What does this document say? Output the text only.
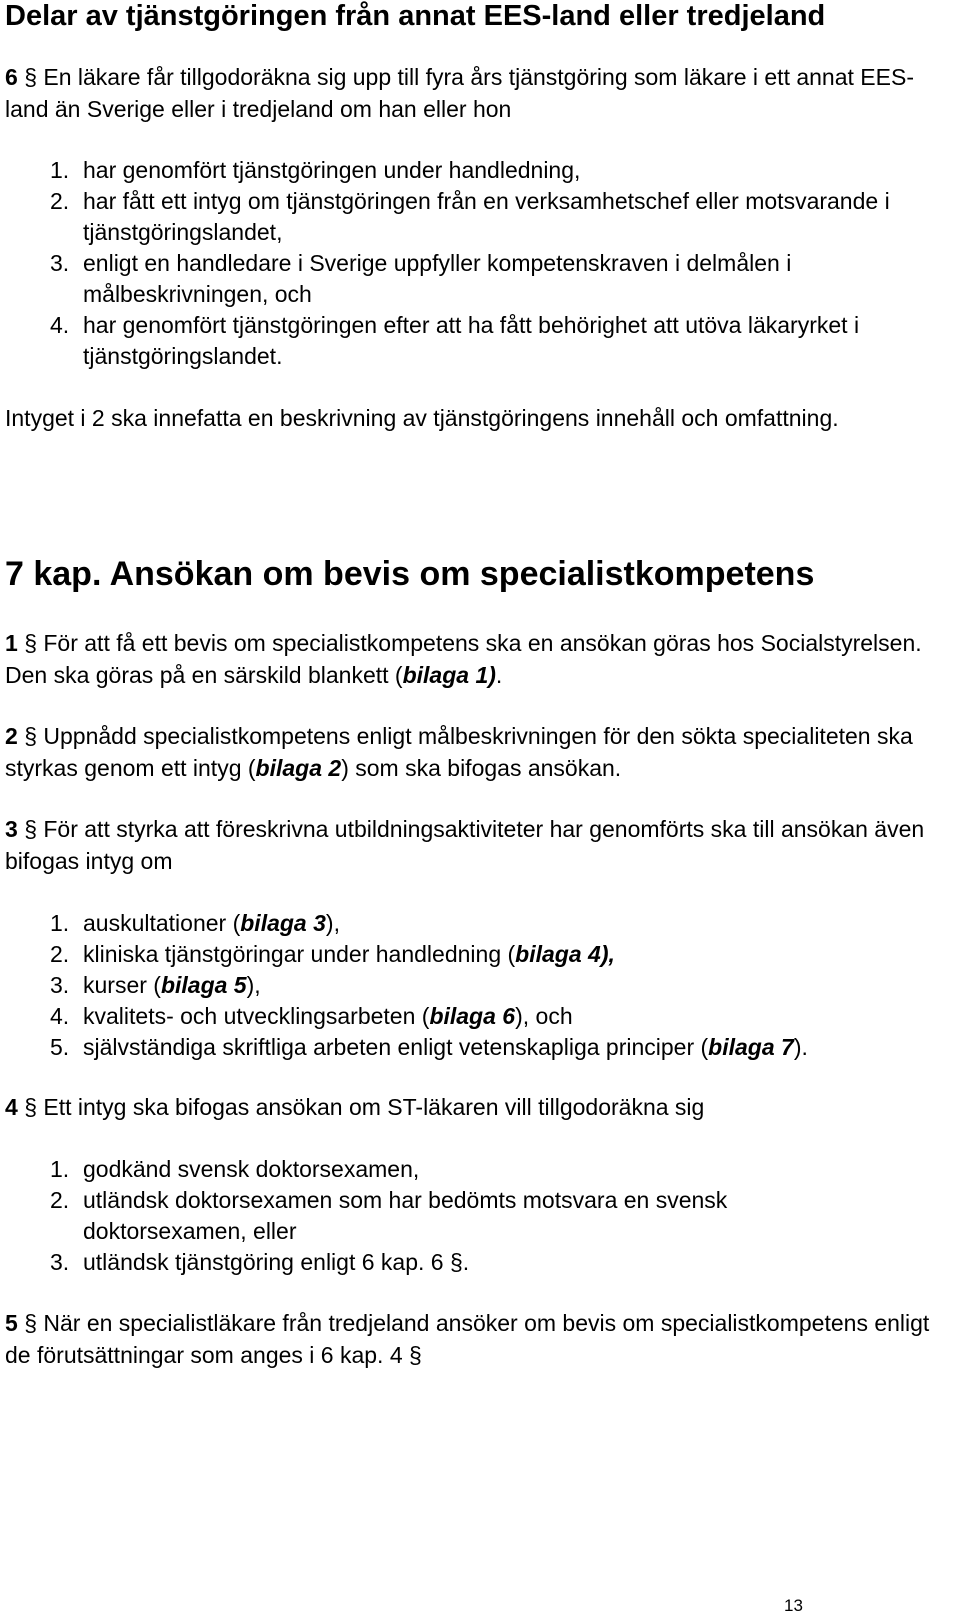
Delar av tjänstgöringen från annat EES-land eller tredjeland

6 § En läkare får tillgodoräkna sig upp till fyra års tjänstgöring som läkare i ett annat EES-land än Sverige eller i tredjeland om han eller hon

1. har genomfört tjänstgöringen under handledning,
2. har fått ett intyg om tjänstgöringen från en verksamhetschef eller motsvarande i tjänstgöringslandet,
3. enligt en handledare i Sverige uppfyller kompetenskraven i delmålen i målbeskrivningen, och
4. har genomfört tjänstgöringen efter att ha fått behörighet att utöva läkaryrket i tjänstgöringslandet.

Intyget i 2 ska innefatta en beskrivning av tjänstgöringens innehåll och omfattning.

7 kap. Ansökan om bevis om specialistkompetens

1 § För att få ett bevis om specialistkompetens ska en ansökan göras hos Socialstyrelsen. Den ska göras på en särskild blankett (bilaga 1).

2 § Uppnådd specialistkompetens enligt målbeskrivningen för den sökta specialiteten ska styrkas genom ett intyg (bilaga 2) som ska bifogas ansökan.

3 § För att styrka att föreskrivna utbildningsaktiviteter har genomförts ska till ansökan även bifogas intyg om

1. auskultationer (bilaga 3),
2. kliniska tjänstgöringar under handledning (bilaga 4),
3. kurser (bilaga 5),
4. kvalitets- och utvecklingsarbeten (bilaga 6), och
5. självständiga skriftliga arbeten enligt vetenskapliga principer (bilaga 7).

4 § Ett intyg ska bifogas ansökan om ST-läkaren vill tillgodoräkna sig

1. godkänd svensk doktorsexamen,
2. utländsk doktorsexamen som har bedömts motsvara en svensk doktorsexamen, eller
3. utländsk tjänstgöring enligt 6 kap. 6 §.

5 § När en specialistläkare från tredjeland ansöker om bevis om specialistkompetens enligt de förutsättningar som anges i 6 kap. 4 §

13
